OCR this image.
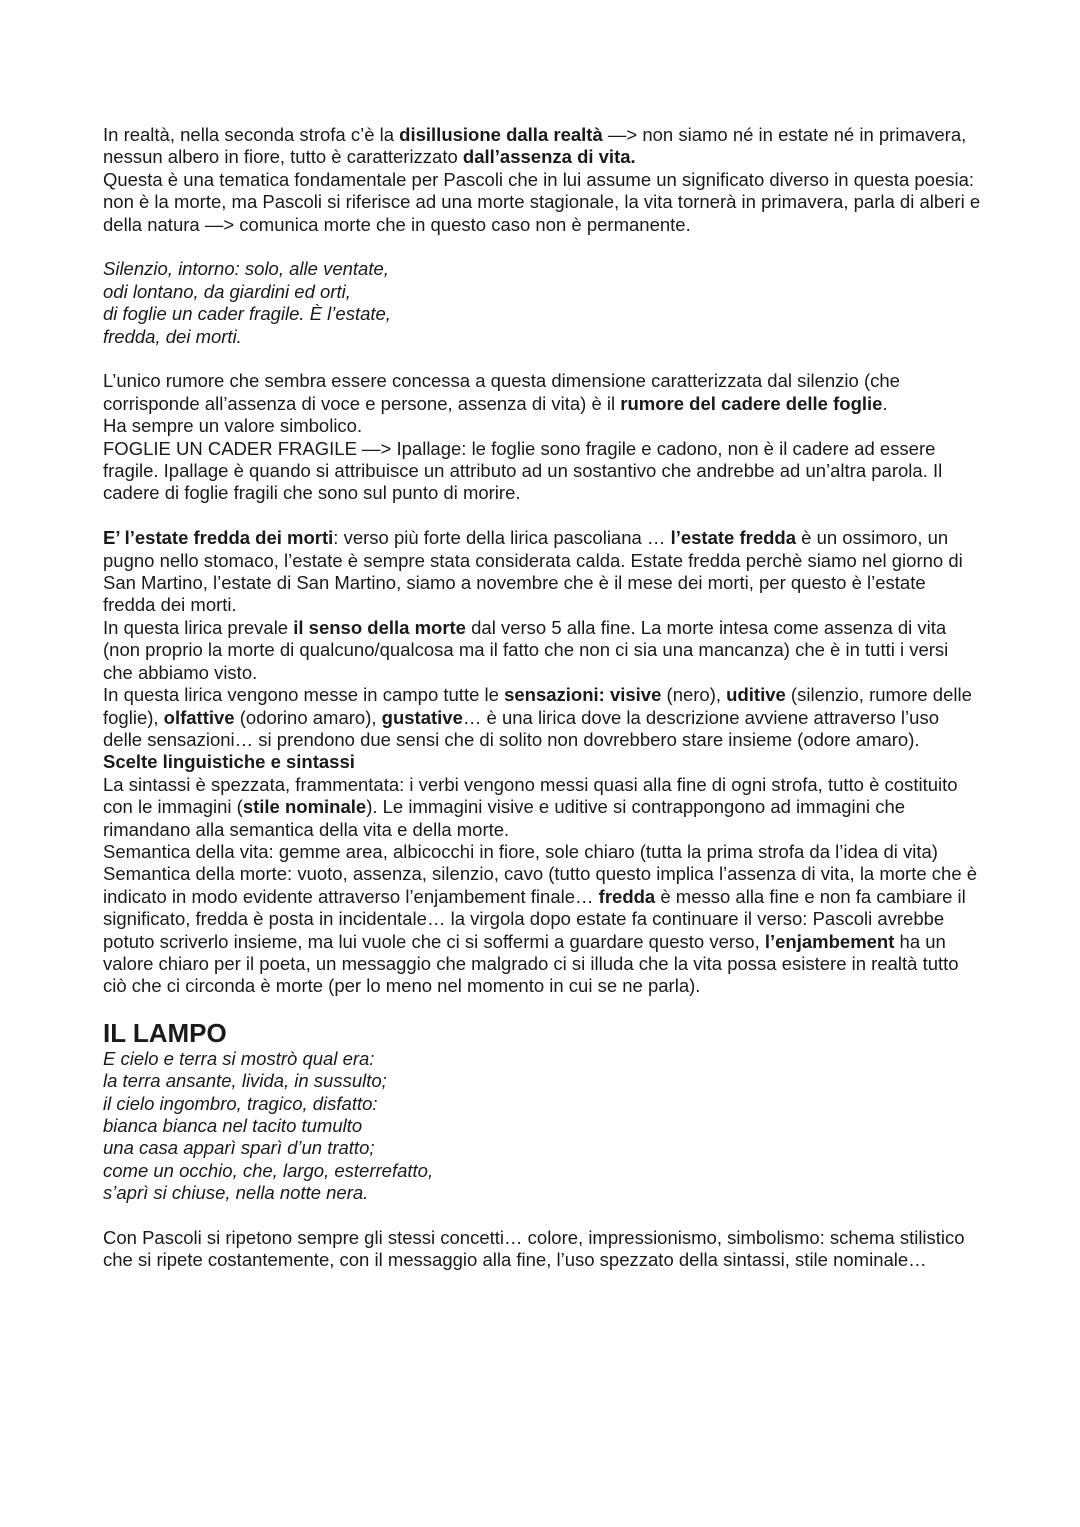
In realtà, nella seconda strofa c’è la disillusione dalla realtà —> non siamo né in estate né in primavera, nessun albero in fiore, tutto è caratterizzato dall’assenza di vita.

Questa è una tematica fondamentale per Pascoli che in lui assume un significato diverso in questa poesia: non è la morte, ma Pascoli si riferisce ad una morte stagionale, la vita tornerà in primavera, parla di alberi e della natura —> comunica morte che in questo caso non è permanente.

Silenzio, intorno: solo, alle ventate,
odi lontano, da giardini ed orti,
di foglie un cader fragile. È l’estate,
fredda, dei morti.

L’unico rumore che sembra essere concessa a questa dimensione caratterizzata dal silenzio (che corrisponde all’assenza di voce e persone, assenza di vita) è il rumore del cadere delle foglie.

Ha sempre un valore simbolico.

FOGLIE UN CADER FRAGILE —> Ipallage: le foglie sono fragile e cadono, non è il cadere ad essere fragile. Ipallage è quando si attribuisce un attributo ad un sostantivo che andrebbe ad un’altra parola. Il cadere di foglie fragili che sono sul punto di morire.

E’ l’estate fredda dei morti: verso più forte della lirica pascoliana … l’estate fredda è un ossimoro, un pugno nello stomaco, l’estate è sempre stata considerata calda. Estate fredda perchè siamo nel giorno di San Martino, l’estate di San Martino, siamo a novembre che è il mese dei morti, per questo è l’estate fredda dei morti.

In questa lirica prevale il senso della morte dal verso 5 alla fine. La morte intesa come assenza di vita (non proprio la morte di qualcuno/qualcosa ma il fatto che non ci sia una mancanza) che è in tutti i versi che abbiamo visto.

In questa lirica vengono messe in campo tutte le sensazioni: visive (nero), uditive (silenzio, rumore delle foglie), olfattive (odorino amaro), gustative… è una lirica dove la descrizione avviene attraverso l’uso delle sensazioni… si prendono due sensi che di solito non dovrebbero stare insieme (odore amaro).

Scelte linguistiche e sintassi

La sintassi è spezzata, frammentata: i verbi vengono messi quasi alla fine di ogni strofa, tutto è costituito con le immagini (stile nominale). Le immagini visive e uditive si contrappongono ad immagini che rimandano alla semantica della vita e della morte.

Semantica della vita: gemme area, albicocchi in fiore, sole chiaro (tutta la prima strofa da l’idea di vita)

Semantica della morte: vuoto, assenza, silenzio, cavo (tutto questo implica l’assenza di vita, la morte che è indicato in modo evidente attraverso l’enjambement finale… fredda è messo alla fine e non fa cambiare il significato, fredda è posta in incidentale… la virgola dopo estate fa continuare il verso: Pascoli avrebbe potuto scriverlo insieme, ma lui vuole che ci si soffermi a guardare questo verso, l’enjambement ha un valore chiaro per il poeta, un messaggio che malgrado ci si illuda che la vita possa esistere in realtà tutto ciò che ci circonda è morte (per lo meno nel momento in cui se ne parla).

IL LAMPO
E cielo e terra si mostrò qual era:
la terra ansante, livida, in sussulto;
il cielo ingombro, tragico, disfatto:
bianca bianca nel tacito tumulto
una casa apparì sparì d’un tratto;
come un occhio, che, largo, esterrefatto,
s’aprì si chiuse, nella notte nera.

Con Pascoli si ripetono sempre gli stessi concetti… colore, impressionismo, simbolismo: schema stilistico che si ripete costantemente, con il messaggio alla fine, l’uso spezzato della sintassi, stile nominale…
